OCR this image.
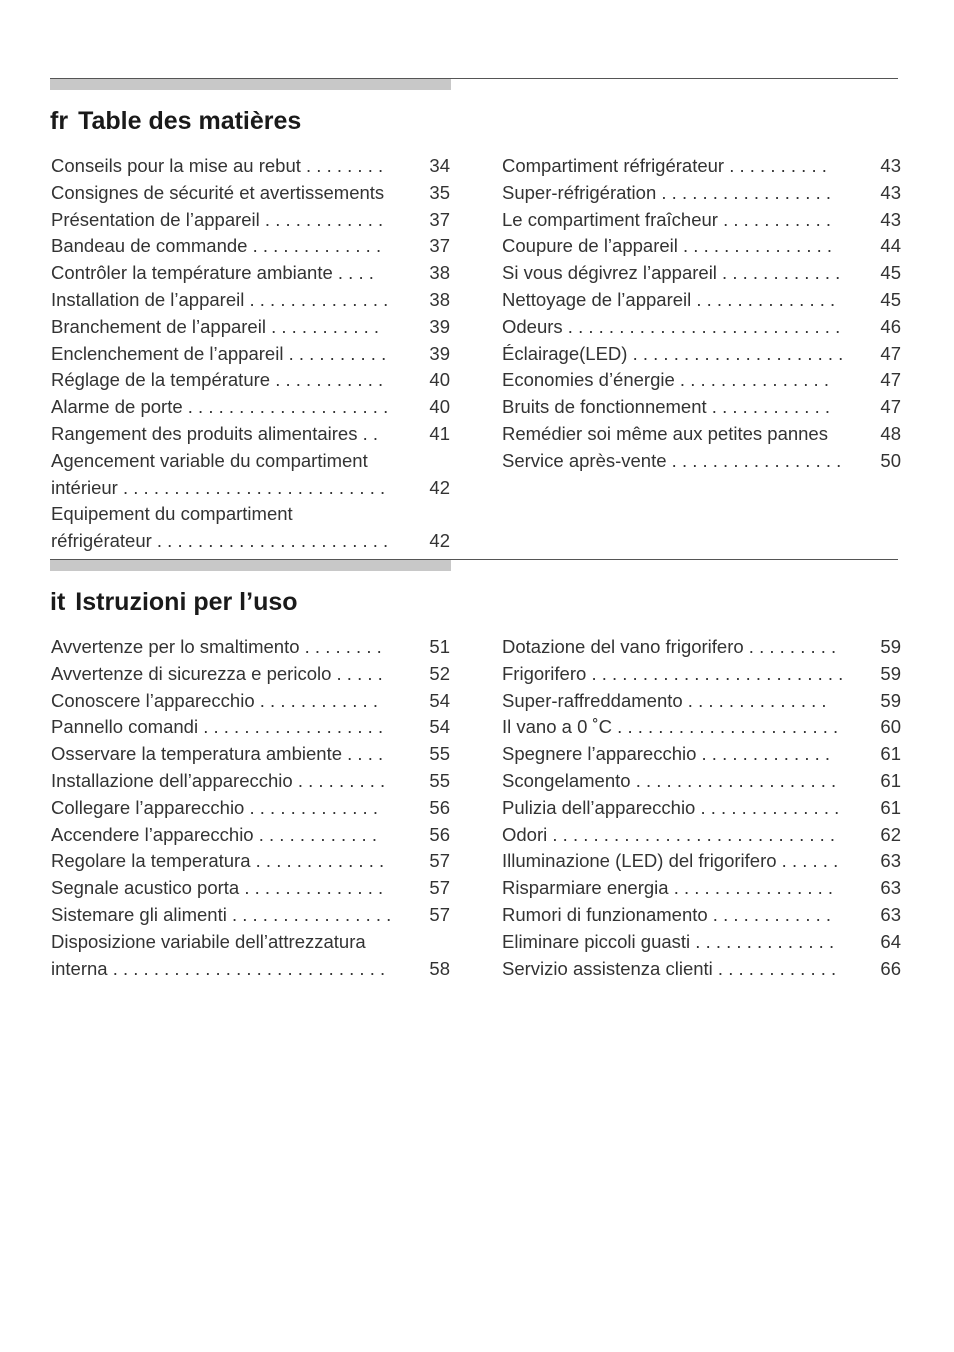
fr Table des matières
Conseils pour la mise au rebut . . . . . . . .	34
Consignes de sécurité et avertissements	35
Présentation de l’appareil . . . . . . . . . . . .	37
Bandeau de commande . . . . . . . . . . . . .	37
Contrôler la température ambiante . . . .	38
Installation de l’appareil . . . . . . . . . . . . . .	38
Branchement de l’appareil . . . . . . . . . . .	39
Enclenchement de l’appareil . . . . . . . . . .	39
Réglage de la température . . . . . . . . . . .	40
Alarme de porte . . . . . . . . . . . . . . . . . . . .	40
Rangement des produits alimentaires . .	41
Agencement variable du compartiment
intérieur . . . . . . . . . . . . . . . . . . . . . . . . . .	42
Equipement du compartiment
réfrigérateur . . . . . . . . . . . . . . . . . . . . . . .	42
Compartiment réfrigérateur . . . . . . . . . .	43
Super-réfrigération . . . . . . . . . . . . . . . . .	43
Le compartiment fraîcheur . . . . . . . . . . .	43
Coupure de l’appareil . . . . . . . . . . . . . . .	44
Si vous dégivrez l’appareil . . . . . . . . . . . .	45
Nettoyage de l’appareil . . . . . . . . . . . . . .	45
Odeurs . . . . . . . . . . . . . . . . . . . . . . . . . . .	46
Éclairage(LED) . . . . . . . . . . . . . . . . . . . . .	47
Economies d’énergie . . . . . . . . . . . . . . .	47
Bruits de fonctionnement . . . . . . . . . . . .	47
Remédier soi même aux petites pannes	48
Service après-vente . . . . . . . . . . . . . . . . .	50
it Istruzioni per l’uso
Avvertenze per lo smaltimento . . . . . . . .	51
Avvertenze di sicurezza e pericolo . . . . .	52
Conoscere l’apparecchio . . . . . . . . . . . .	54
Pannello comandi . . . . . . . . . . . . . . . . . .	54
Osservare la temperatura ambiente . . . .	55
Installazione dell’apparecchio . . . . . . . . .	55
Collegare l’apparecchio . . . . . . . . . . . . .	56
Accendere l’apparecchio . . . . . . . . . . . .	56
Regolare la temperatura . . . . . . . . . . . . .	57
Segnale acustico porta . . . . . . . . . . . . . .	57
Sistemare gli alimenti . . . . . . . . . . . . . . . .	57
Disposizione variabile dell’attrezzatura
interna . . . . . . . . . . . . . . . . . . . . . . . . . . .	58
Dotazione del vano frigorifero . . . . . . . . .	59
Frigorifero . . . . . . . . . . . . . . . . . . . . . . . . .	59
Super-raffreddamento . . . . . . . . . . . . . .	59
Il vano a 0 ˚C . . . . . . . . . . . . . . . . . . . . . .	60
Spegnere l’apparecchio . . . . . . . . . . . . .	61
Scongelamento . . . . . . . . . . . . . . . . . . . .	61
Pulizia dell’apparecchio . . . . . . . . . . . . . .	61
Odori . . . . . . . . . . . . . . . . . . . . . . . . . . . .	62
Illuminazione (LED) del frigorifero . . . . . .	63
Risparmiare energia . . . . . . . . . . . . . . . .	63
Rumori di funzionamento . . . . . . . . . . . .	63
Eliminare piccoli guasti . . . . . . . . . . . . . .	64
Servizio assistenza clienti . . . . . . . . . . . .	66
